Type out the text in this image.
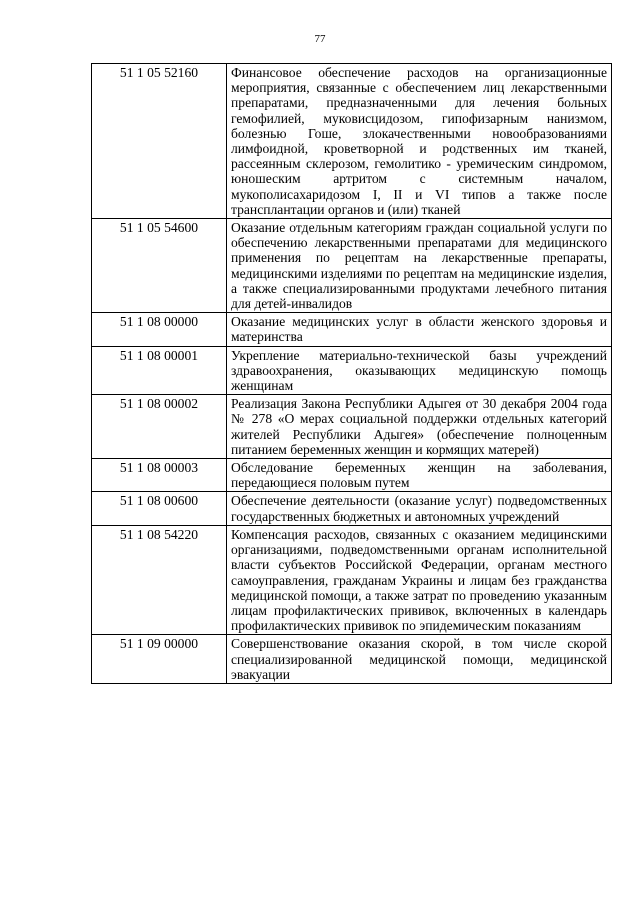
77
51 1 05 52160	Финансовое обеспечение расходов на организационные мероприятия, связанные с обеспечением лиц лекарственными препаратами, предназначенными для лечения больных гемофилией, муковисцидозом, гипофизарным нанизмом, болезнью Гоше, злокачественными новообразованиями лимфоидной, кроветворной и родственных им тканей, рассеянным склерозом, гемолитико - уремическим синдромом, юношеским артритом с системным началом, мукополисахаридозом I, II и VI типов а также после трансплантации органов и (или) тканей
51 1 05 54600	Оказание отдельным категориям граждан социальной услуги по обеспечению лекарственными препаратами для медицинского применения по рецептам на лекарственные препараты, медицинскими изделиями по рецептам на медицинские изделия, а также специализированными продуктами лечебного питания для детей-инвалидов
51 1 08 00000	Оказание медицинских услуг в области женского здоровья и материнства
51 1 08 00001	Укрепление материально-технической базы учреждений здравоохранения, оказывающих медицинскую помощь женщинам
51 1 08 00002	Реализация Закона Республики Адыгея от 30 декабря 2004 года № 278 «О мерах социальной поддержки отдельных категорий жителей Республики Адыгея» (обеспечение полноценным питанием беременных женщин и кормящих матерей)
51 1 08 00003	Обследование беременных женщин на заболевания, передающиеся половым путем
51 1 08 00600	Обеспечение деятельности (оказание услуг) подведомственных государственных бюджетных и автономных учреждений
51 1 08 54220	Компенсация расходов, связанных с оказанием медицинскими организациями, подведомственными органам исполнительной власти субъектов Российской Федерации, органам местного самоуправления, гражданам Украины и лицам без гражданства медицинской помощи, а также затрат по проведению указанным лицам профилактических прививок, включенных в календарь профилактических прививок по эпидемическим показаниям
51 1 09 00000	Совершенствование оказания скорой, в том числе скорой специализированной медицинской помощи, медицинской эвакуации
